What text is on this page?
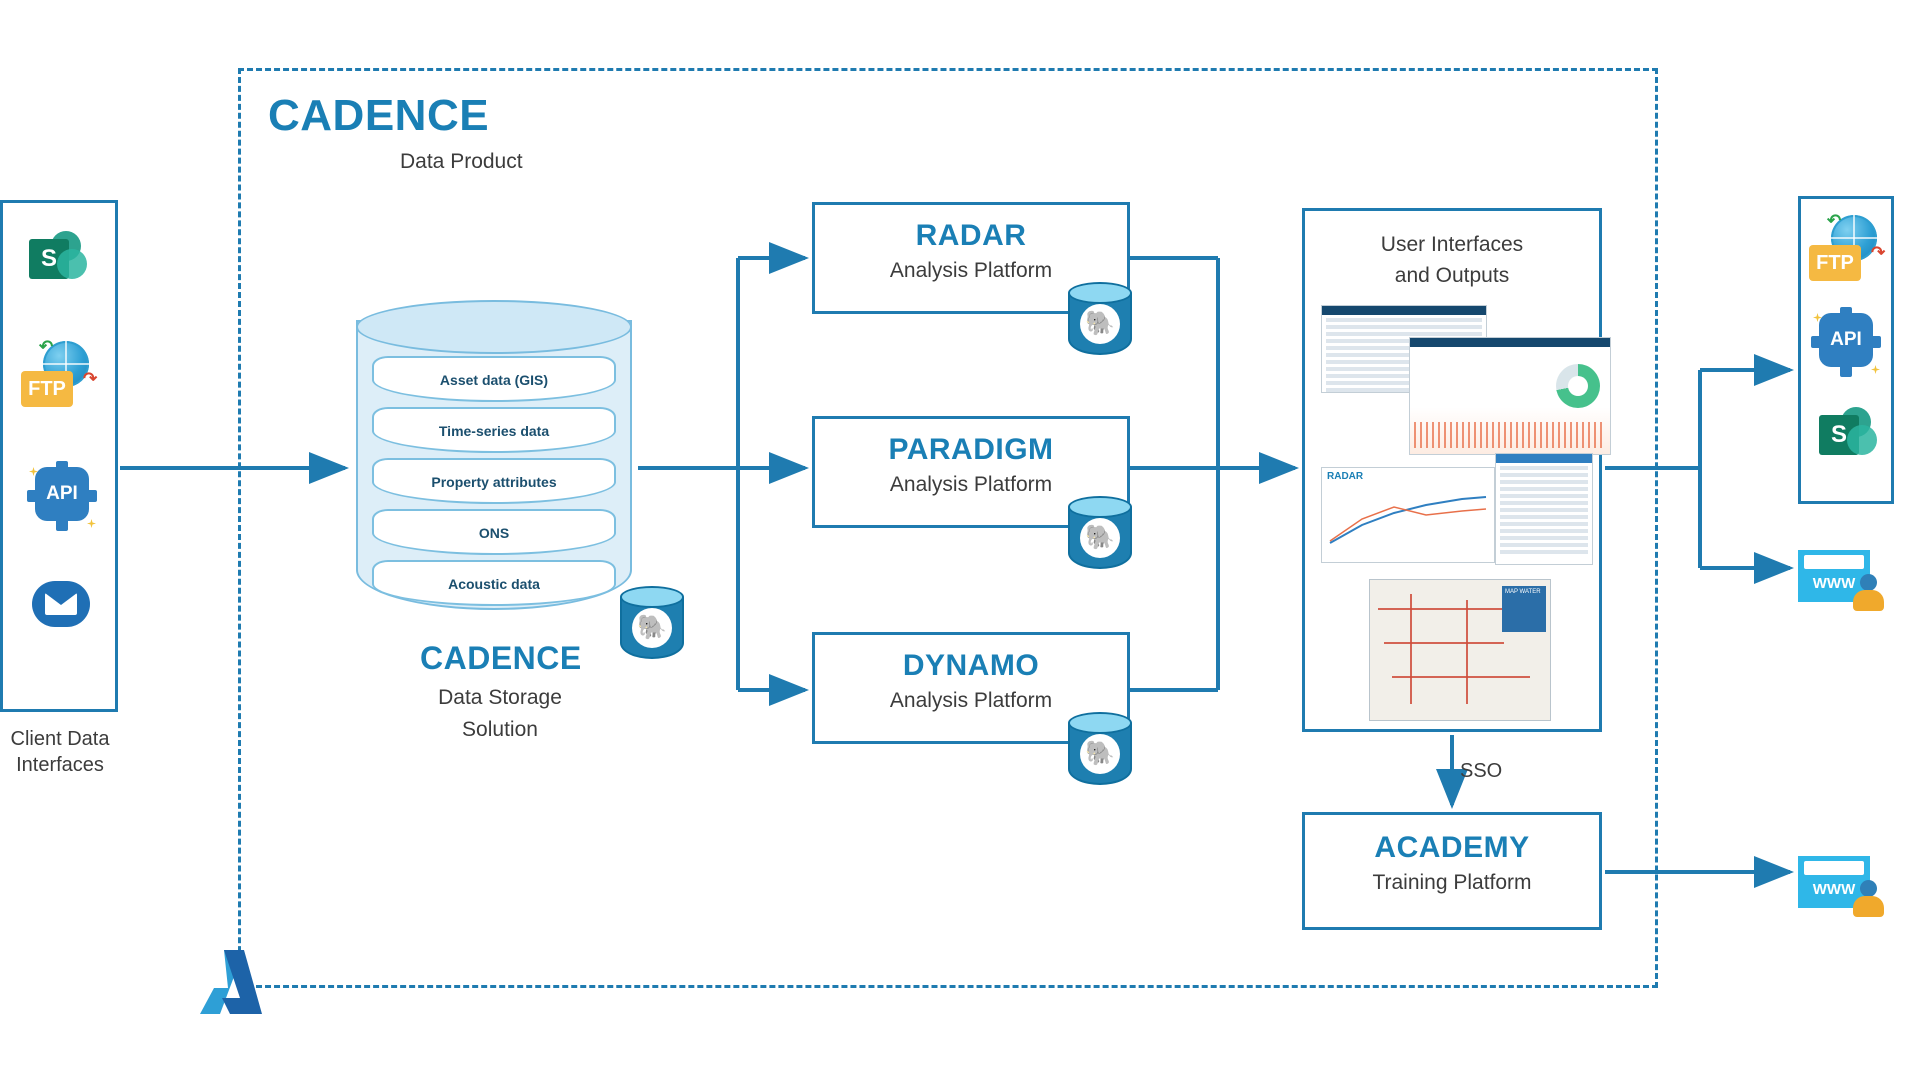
CADENCE
Data Product
S
↶
↷
FTP
API
Client Data
Interfaces
Asset data (GIS)
Time-series data
Property attributes
ONS
Acoustic data
🐘
CADENCE
Data Storage
Solution
RADAR
Analysis Platform
🐘
PARADIGM
Analysis Platform
🐘
DYNAMO
Analysis Platform
🐘
User Interfaces
and Outputs
RADAR
MAP WATER
SSO
ACADEMY
Training Platform
↶
↷
FTP
API
S
WWW
WWW
